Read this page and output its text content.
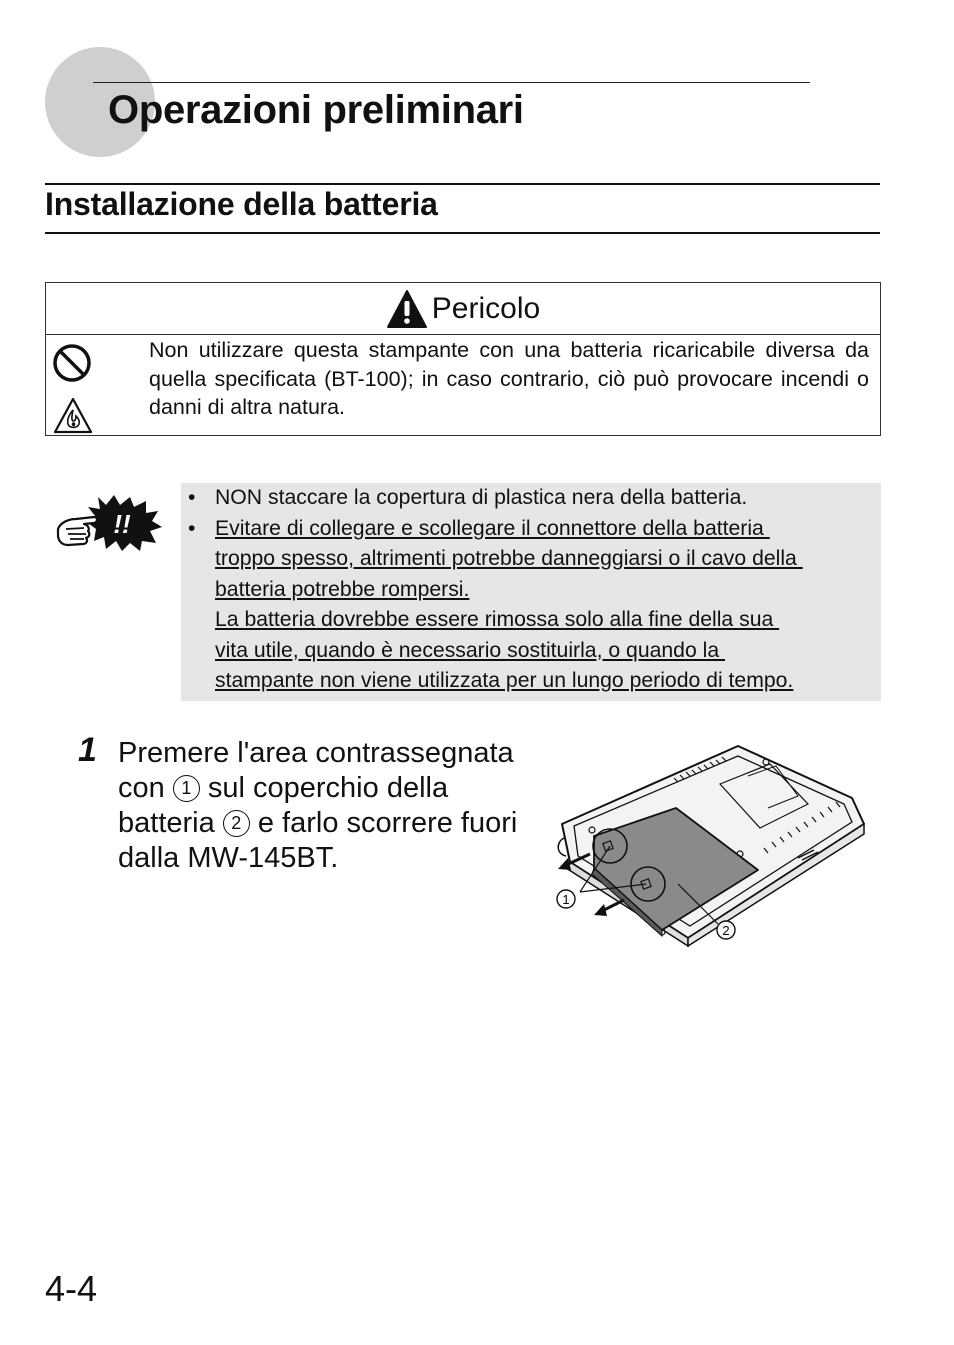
Operazioni preliminari
Installazione della batteria
Pericolo

Non utilizzare questa stampante con una batteria ricaricabile diversa da quella specificata (BT-100); in caso contrario, ciò può provocare incendi o danni di altra natura.
!!
• NON staccare la copertura di plastica nera della batteria.
• Evitare di collegare e scollegare il connettore della batteria
troppo spesso, altrimenti potrebbe danneggiarsi o il cavo della
batteria potrebbe rompersi.
La batteria dovrebbe essere rimossa solo alla fine della sua
vita utile, quando è necessario sostituirla, o quando la
stampante non viene utilizzata per un lungo periodo di tempo.
1 Premere l'area contrassegnata con 1 sul coperchio della batteria 2 e farlo scorrere fuori dalla MW-145BT.
1
2
4-4
